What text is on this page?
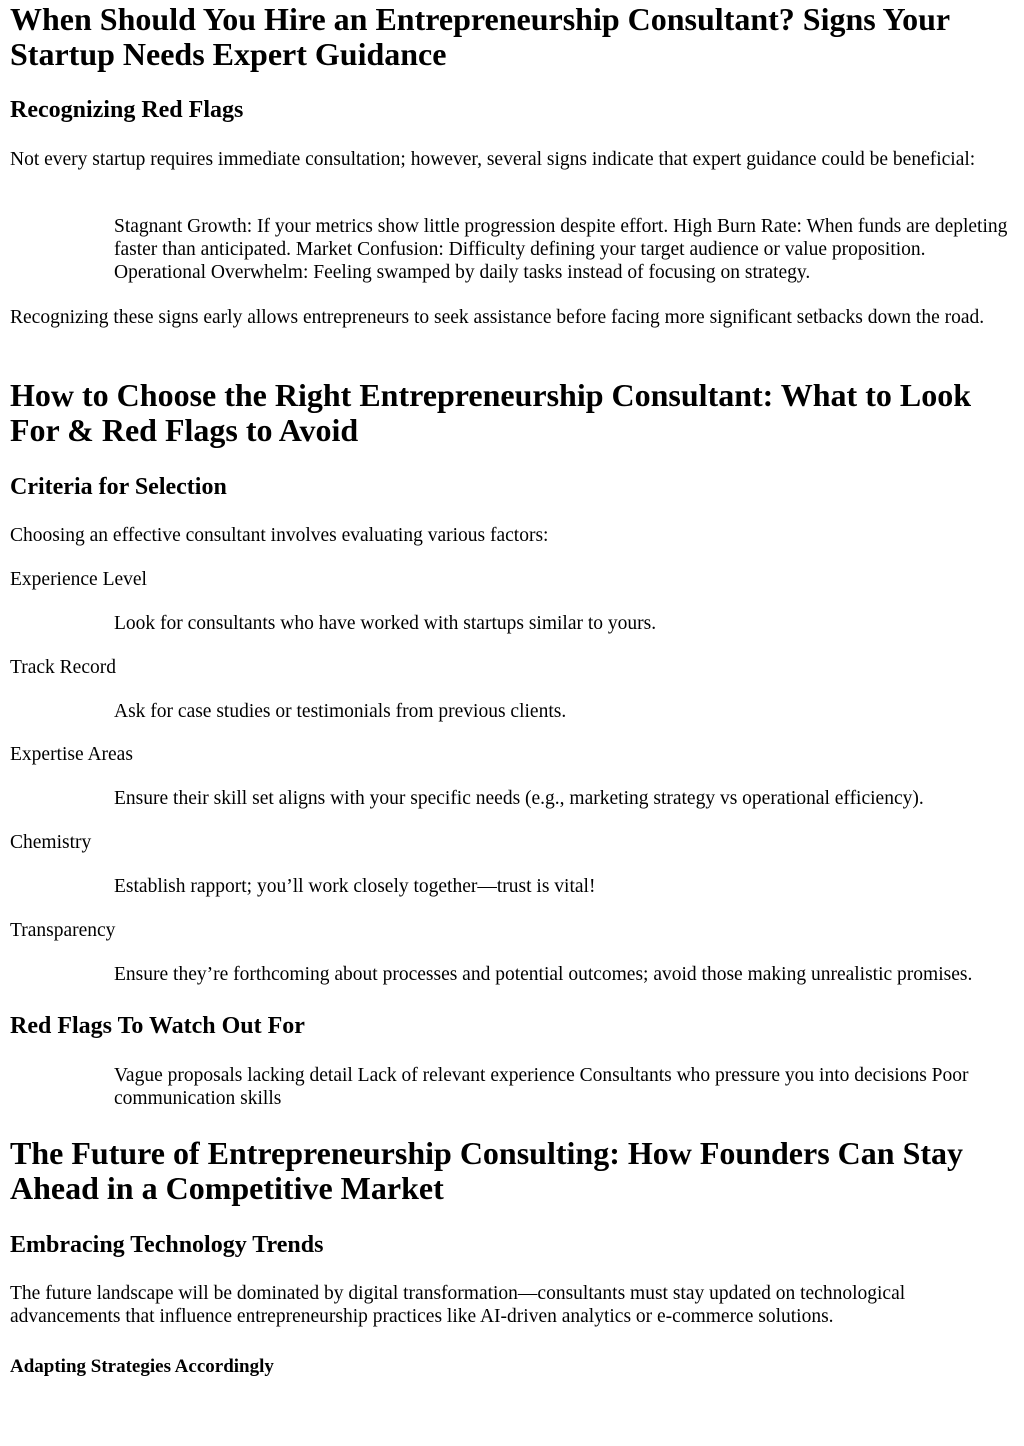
When Should You Hire an Entrepreneurship Consultant? Signs Your Startup Needs Expert Guidance
Recognizing Red Flags

Not every startup requires immediate consultation; however, several signs indicate that expert guidance could be beneficial:

Stagnant Growth: If your metrics show little progression despite effort. High Burn Rate: When funds are depleting faster than anticipated. Market Confusion: Difficulty defining your target audience or value proposition. Operational Overwhelm: Feeling swamped by daily tasks instead of focusing on strategy.

Recognizing these signs early allows entrepreneurs to seek assistance before facing more significant setbacks down the road.

How to Choose the Right Entrepreneurship Consultant: What to Look For & Red Flags to Avoid
Criteria for Selection

Choosing an effective consultant involves evaluating various factors:

Experience Level

Look for consultants who have worked with startups similar to yours.

Track Record

Ask for case studies or testimonials from previous clients.

Expertise Areas

Ensure their skill set aligns with your specific needs (e.g., marketing strategy vs operational efficiency).

Chemistry

Establish rapport; you’ll work closely together—trust is vital!

Transparency

Ensure they’re forthcoming about processes and potential outcomes; avoid those making unrealistic promises.
Red Flags To Watch Out For
Vague proposals lacking detail Lack of relevant experience Consultants who pressure you into decisions Poor communication skills
The Future of Entrepreneurship Consulting: How Founders Can Stay Ahead in a Competitive Market
Embracing Technology Trends

The future landscape will be dominated by digital transformation—consultants must stay updated on technological advancements that influence entrepreneurship practices like AI-driven analytics or e-commerce solutions.

Adapting Strategies Accordingly
